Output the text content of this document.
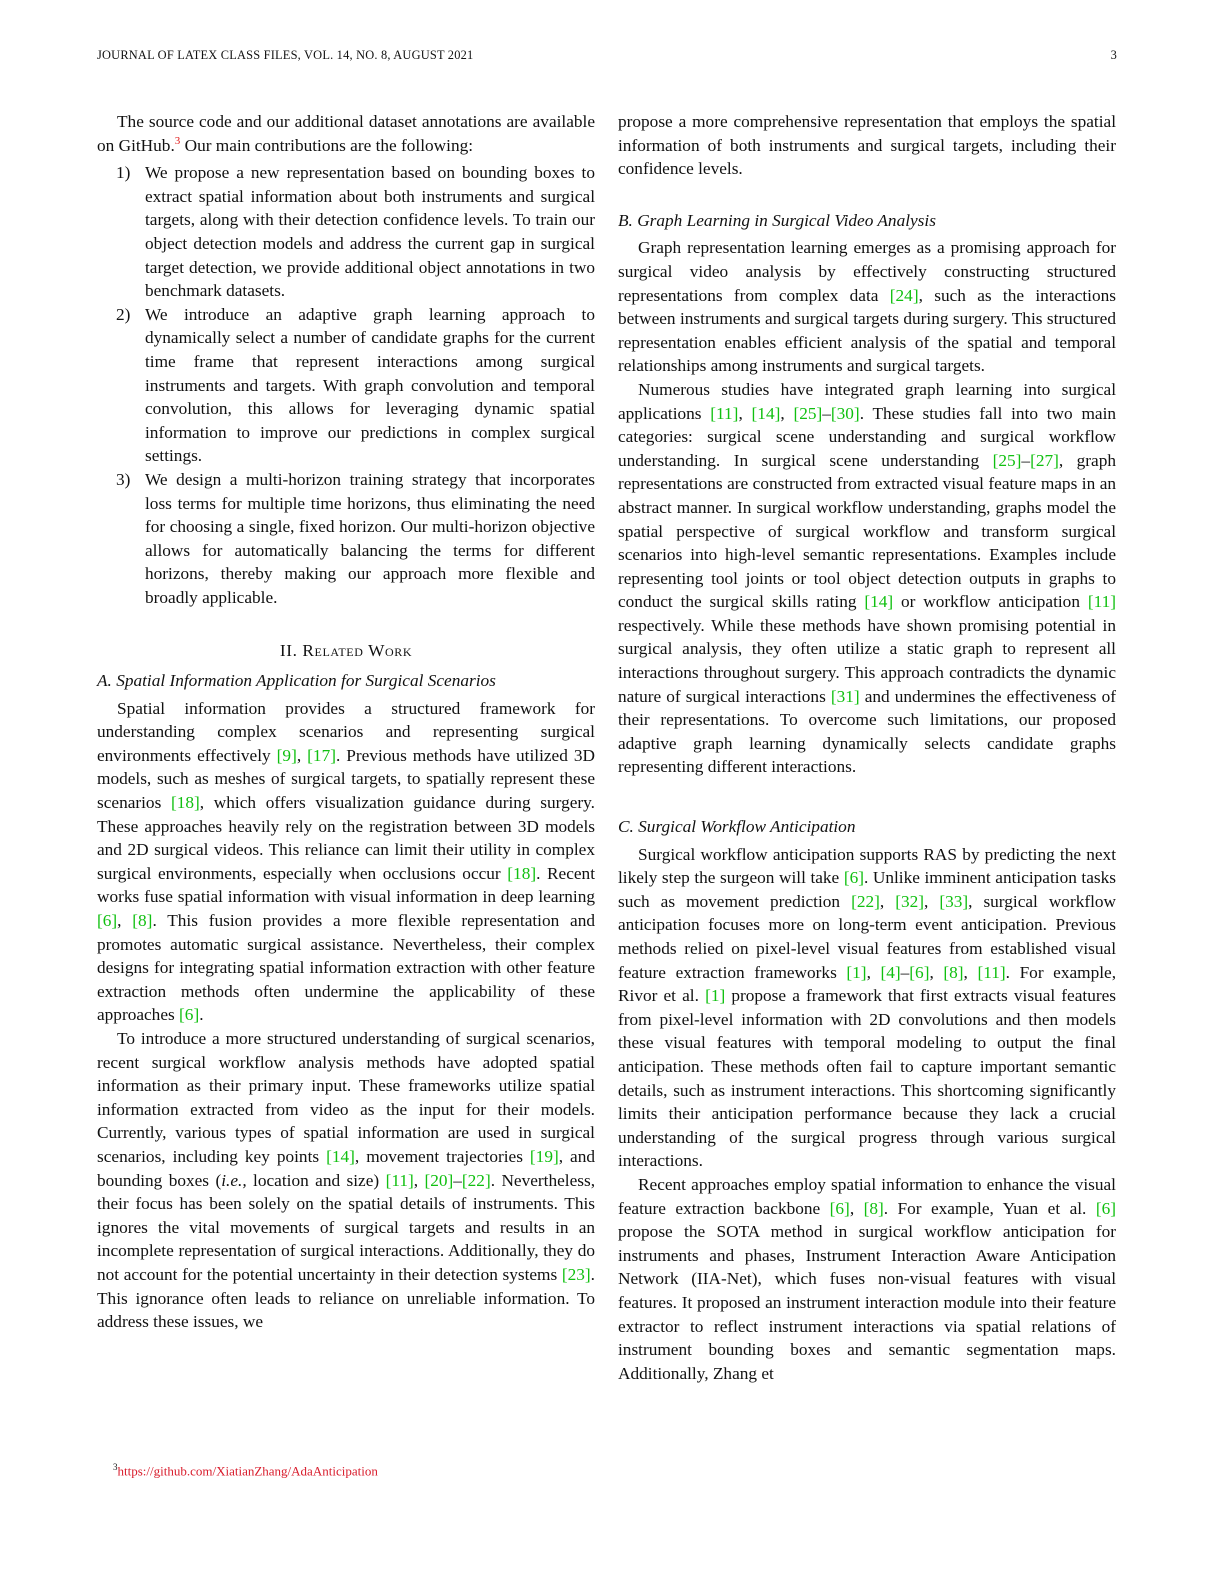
JOURNAL OF LATEX CLASS FILES, VOL. 14, NO. 8, AUGUST 2021	3

The source code and our additional dataset annotations are available on GitHub.$^3$ Our main contributions are the following:

1) We propose a new representation based on bounding boxes to extract spatial information about both instruments and surgical targets, along with their detection confidence levels. To train our object detection models and address the current gap in surgical target detection, we provide additional object annotations in two benchmark datasets.
2) We introduce an adaptive graph learning approach to dynamically select a number of candidate graphs for the current time frame that represent interactions among surgical instruments and targets. With graph convolution and temporal convolution, this allows for leveraging dynamic spatial information to improve our predictions in complex surgical settings.
3) We design a multi-horizon training strategy that incorporates loss terms for multiple time horizons, thus eliminating the need for choosing a single, fixed horizon. Our multi-horizon objective allows for automatically balancing the terms for different horizons, thereby making our approach more flexible and broadly applicable.
II. Related Work
A. Spatial Information Application for Surgical Scenarios

Spatial information provides a structured framework for understanding complex scenarios and representing surgical environments effectively [9], [17]. Previous methods have utilized 3D models, such as meshes of surgical targets, to spatially represent these scenarios [18], which offers visualization guidance during surgery. These approaches heavily rely on the registration between 3D models and 2D surgical videos. This reliance can limit their utility in complex surgical environments, especially when occlusions occur [18]. Recent works fuse spatial information with visual information in deep learning [6], [8]. This fusion provides a more flexible representation and promotes automatic surgical assistance. Nevertheless, their complex designs for integrating spatial information extraction with other feature extraction methods often undermine the applicability of these approaches [6].

To introduce a more structured understanding of surgical scenarios, recent surgical workflow analysis methods have adopted spatial information as their primary input. These frameworks utilize spatial information extracted from video as the input for their models. Currently, various types of spatial information are used in surgical scenarios, including key points [14], movement trajectories [19], and bounding boxes (i.e., location and size) [11], [20]–[22]. Nevertheless, their focus has been solely on the spatial details of instruments. This ignores the vital movements of surgical targets and results in an incomplete representation of surgical interactions. Additionally, they do not account for the potential uncertainty in their detection systems [23]. This ignorance often leads to reliance on unreliable information. To address these issues, we

$^3$https://github.com/XiatianZhang/AdaAnticipation

propose a more comprehensive representation that employs the spatial information of both instruments and surgical targets, including their confidence levels.

B. Graph Learning in Surgical Video Analysis

Graph representation learning emerges as a promising approach for surgical video analysis by effectively constructing structured representations from complex data [24], such as the interactions between instruments and surgical targets during surgery. This structured representation enables efficient analysis of the spatial and temporal relationships among instruments and surgical targets.

Numerous studies have integrated graph learning into surgical applications [11], [14], [25]–[30]. These studies fall into two main categories: surgical scene understanding and surgical workflow understanding. In surgical scene understanding [25]–[27], graph representations are constructed from extracted visual feature maps in an abstract manner. In surgical workflow understanding, graphs model the spatial perspective of surgical workflow and transform surgical scenarios into high-level semantic representations. Examples include representing tool joints or tool object detection outputs in graphs to conduct the surgical skills rating [14] or workflow anticipation [11] respectively. While these methods have shown promising potential in surgical analysis, they often utilize a static graph to represent all interactions throughout surgery. This approach contradicts the dynamic nature of surgical interactions [31] and undermines the effectiveness of their representations. To overcome such limitations, our proposed adaptive graph learning dynamically selects candidate graphs representing different interactions.

C. Surgical Workflow Anticipation

Surgical workflow anticipation supports RAS by predicting the next likely step the surgeon will take [6]. Unlike imminent anticipation tasks such as movement prediction [22], [32], [33], surgical workflow anticipation focuses more on long-term event anticipation. Previous methods relied on pixel-level visual features from established visual feature extraction frameworks [1], [4]–[6], [8], [11]. For example, Rivor et al. [1] propose a framework that first extracts visual features from pixel-level information with 2D convolutions and then models these visual features with temporal modeling to output the final anticipation. These methods often fail to capture important semantic details, such as instrument interactions. This shortcoming significantly limits their anticipation performance because they lack a crucial understanding of the surgical progress through various surgical interactions.

Recent approaches employ spatial information to enhance the visual feature extraction backbone [6], [8]. For example, Yuan et al. [6] propose the SOTA method in surgical workflow anticipation for instruments and phases, Instrument Interaction Aware Anticipation Network (IIA-Net), which fuses non-visual features with visual features. It proposed an instrument interaction module into their feature extractor to reflect instrument interactions via spatial relations of instrument bounding boxes and semantic segmentation maps. Additionally, Zhang et
